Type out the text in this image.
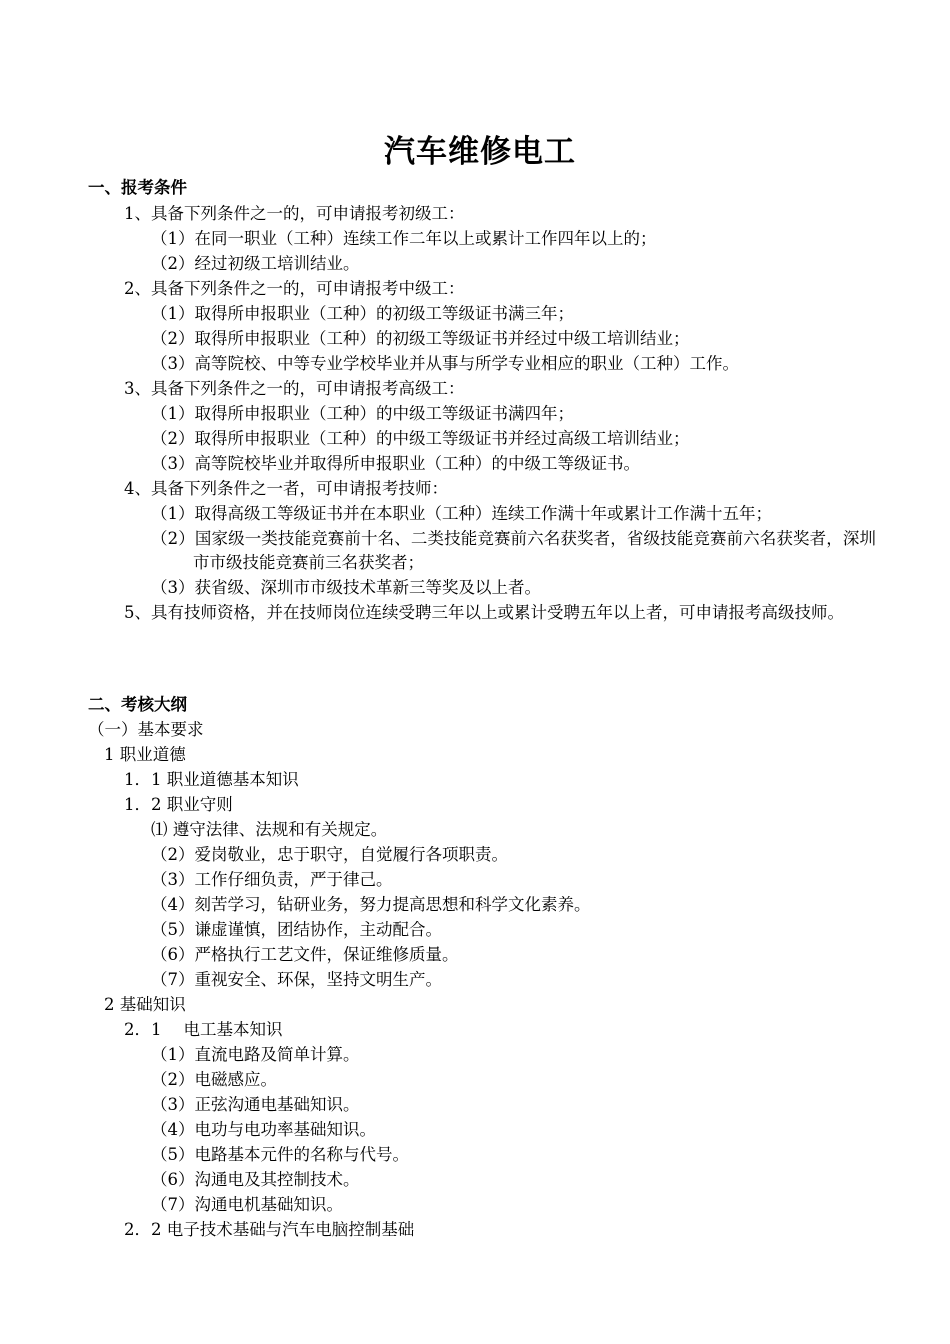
汽车维修电工
一、报考条件
1、具备下列条件之一的，可申请报考初级工：
（1）在同一职业（工种）连续工作二年以上或累计工作四年以上的；
（2）经过初级工培训结业。
2、具备下列条件之一的，可申请报考中级工：
（1）取得所申报职业（工种）的初级工等级证书满三年；
（2）取得所申报职业（工种）的初级工等级证书并经过中级工培训结业；
（3）高等院校、中等专业学校毕业并从事与所学专业相应的职业（工种）工作。
3、具备下列条件之一的，可申请报考高级工：
（1）取得所申报职业（工种）的中级工等级证书满四年；
（2）取得所申报职业（工种）的中级工等级证书并经过高级工培训结业；
（3）高等院校毕业并取得所申报职业（工种）的中级工等级证书。
4、具备下列条件之一者，可申请报考技师：
（1）取得高级工等级证书并在本职业（工种）连续工作满十年或累计工作满十五年；
（2）国家级一类技能竞赛前十名、二类技能竞赛前六名获奖者，省级技能竞赛前六名获奖者，深圳市市级技能竞赛前三名获奖者；
（3）获省级、深圳市市级技术革新三等奖及以上者。
5、具有技师资格，并在技师岗位连续受聘三年以上或累计受聘五年以上者，可申请报考高级技师。
二、考核大纲
（一）基本要求
1 职业道德
1．1 职业道德基本知识
1．2 职业守则
⑴ 遵守法律、法规和有关规定。
（2）爱岗敬业，忠于职守，自觉履行各项职责。
（3）工作仔细负责，严于律己。
（4）刻苦学习，钻研业务，努力提高思想和科学文化素养。
（5）谦虚谨慎，团结协作，主动配合。
（6）严格执行工艺文件，保证维修质量。
（7）重视安全、环保，坚持文明生产。
2 基础知识
2．1 电工基本知识
（1）直流电路及简单计算。
（2）电磁感应。
（3）正弦沟通电基础知识。
（4）电功与电功率基础知识。
（5）电路基本元件的名称与代号。
（6）沟通电及其控制技术。
（7）沟通电机基础知识。
2．2 电子技术基础与汽车电脑控制基础
